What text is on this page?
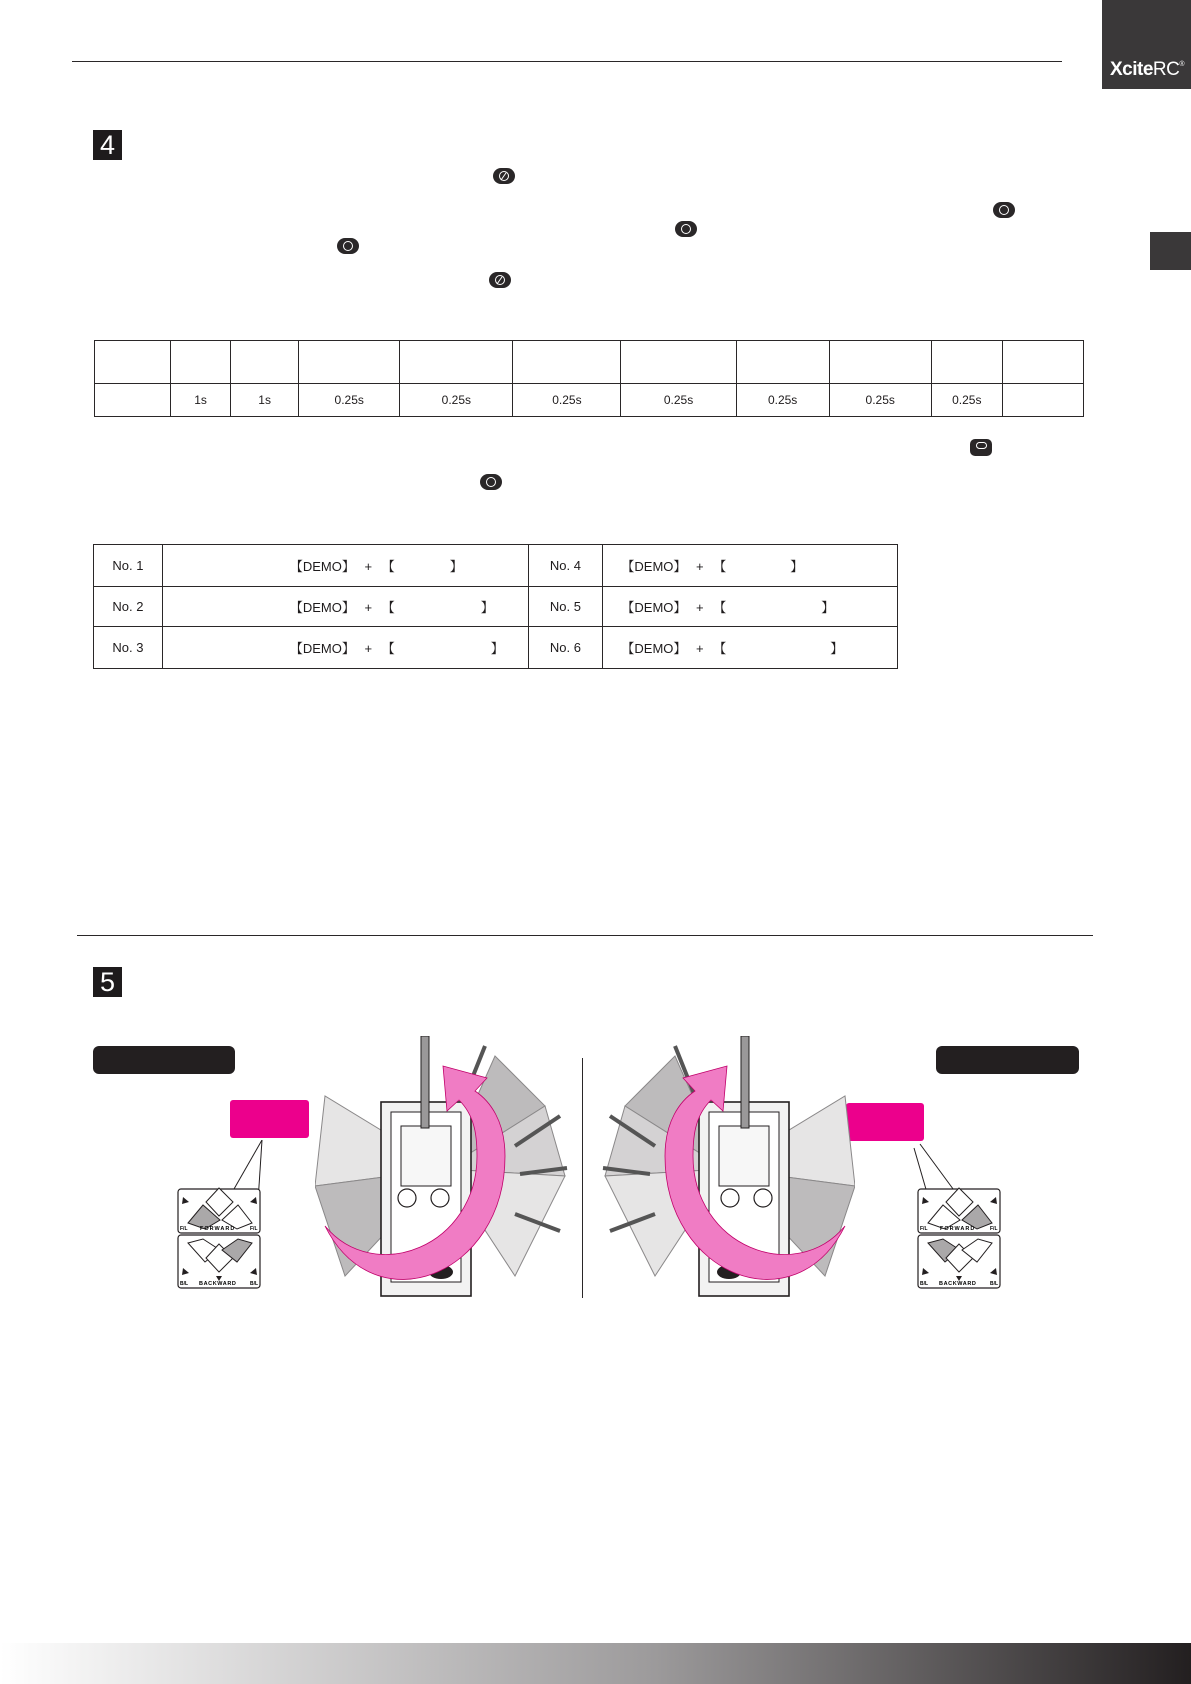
XciteRC®
4

	1s	1s	0.25s	0.25s	0.25s	0.25s	0.25s	0.25s	0.25s	
No. 1	【DEMO】 + 【 】	No. 4	【DEMO】 + 【 】
No. 2	【DEMO】 + 【 】	No. 5	【DEMO】 + 【 】
No. 3	【DEMO】 + 【 】	No. 6	【DEMO】 + 【 】
5
F/L FORWARD	F/L
B/L BACKWARD	B/L
F/L FORWARD	F/L
B/L BACKWARD	B/L
